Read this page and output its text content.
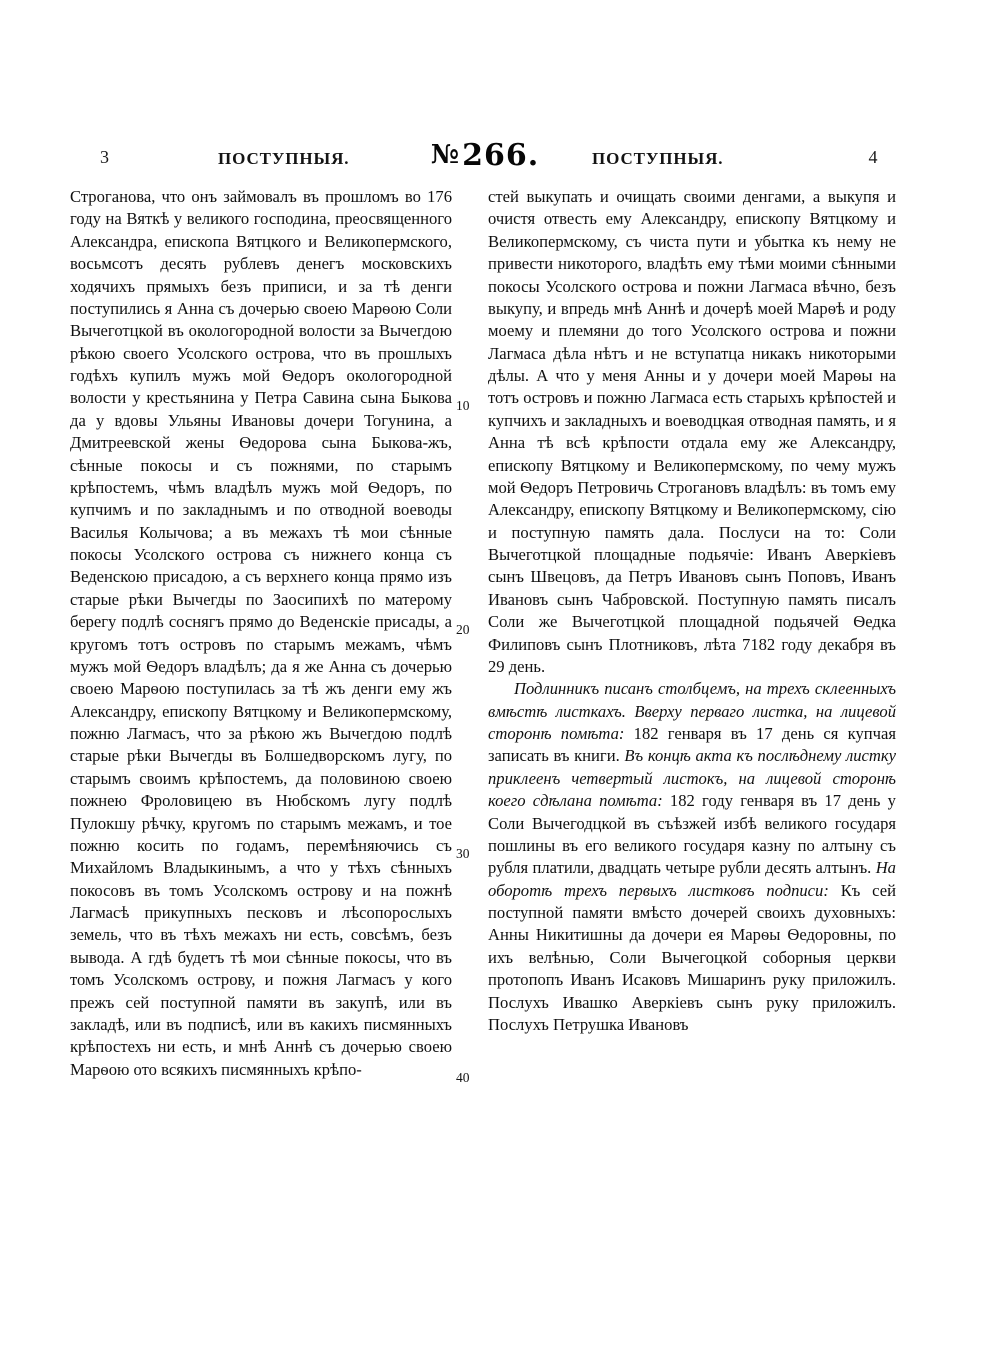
3	ПОСТУПНЫЯ.	№266.	ПОСТУПНЫЯ.	4

Строганова, что онъ займовалъ въ прошломъ во 176 году на Вяткѣ у великого господина, преосвященного Александра, епископа Вятцкого и Великопермского, восьмсотъ десять рублевъ денегъ московскихъ ходячихъ прямыхъ безъ приписи, и за тѣ денги поступились я Анна съ дочерью своею Марѳою Соли Вычеготцкой въ окологородной волости за Вычегдою рѣкою своего Усолского острова, что въ прошлыхъ годѣхъ купилъ мужъ мой Ѳедоръ окологородной волости у крестьянина у Петра Савина сына Быкова да у вдовы Ульяны Ивановы дочери Тогунина, а Дмитреевской жены Ѳедорова сына Быкова-жъ, сѣнные покосы и съ пожнями, по старымъ крѣпостемъ, чѣмъ владѣлъ мужъ мой Ѳедоръ, по купчимъ и по закладнымъ и по отводной воеводы Василья Колычова; а въ межахъ тѣ мои сѣнные покосы Усолского острова съ нижнего конца съ Веденскою присадою, а съ верхнего конца прямо изъ старые рѣки Вычегды по Заосипихѣ по матерому берегу подлѣ соснягъ прямо до Веденскіе присады, а кругомъ тотъ островъ по старымъ межамъ, чѣмъ мужъ мой Ѳедоръ владѣлъ; да я же Анна съ дочерью своею Марѳою поступилась за тѣ жъ денги ему жъ Александру, епископу Вятцкому и Великопермскому, пожню Лагмасъ, что за рѣкою жъ Вычегдою подлѣ старые рѣки Вычегды въ Болшедворскомъ лугу, по старымъ своимъ крѣпостемъ, да половиною своею пожнею Фроловицею въ Нюбскомъ лугу подлѣ Пулокшу рѣчку, кругомъ по старымъ межамъ, и тое пожню косить по годамъ, перемѣняючись съ Михайломъ Владыкинымъ, а что у тѣхъ сѣнныхъ покосовъ въ томъ Усолскомъ острову и на пожнѣ Лагмасѣ прикупныхъ песковъ и лѣсопорослыхъ земель, что въ тѣхъ межахъ ни есть, совсѣмъ, безъ вывода. А гдѣ будетъ тѣ мои сѣнные покосы, что въ томъ Усолскомъ острову, и пожня Лагмасъ у кого прежъ сей поступной памяти въ закупѣ, или въ закладѣ, или въ подписѣ, или въ какихъ писмянныхъ крѣпостехъ ни есть, и мнѣ Аннѣ съ дочерью своею Марѳою ото всякихъ писмянныхъ крѣпо-

стей выкупать и очищать своими денгами, а выкупя и очистя отвесть ему Александру, епископу Вятцкому и Великопермскому, съ чиста пути и убытка къ нему не привести никоторого, владѣть ему тѣми моими сѣнными покосы Усолского острова и пожни Лагмаса вѣчно, безъ выкупу, и впредь мнѣ Аннѣ и дочерѣ моей Марѳѣ и роду моему и племяни до того Усолского острова и пожни Лагмаса дѣла нѣтъ и не вступатца никакъ никоторыми дѣлы. А что у меня Анны и у дочери моей Марѳы на тотъ островъ и пожню Лагмаса есть старыхъ крѣпостей и купчихъ и закладныхъ и воеводцкая отводная память, и я Анна тѣ всѣ крѣпости отдала ему же Александру, епископу Вятцкому и Великопермскому, по чему мужъ мой Ѳедоръ Петровичь Строгановъ владѣлъ: въ томъ ему Александру, епископу Вятцкому и Великопермскому, сію и поступную память дала. Послуси на то: Соли Вычеготцкой площадные подьячіе: Иванъ Аверкіевъ сынъ Швецовъ, да Петръ Ивановъ сынъ Поповъ, Иванъ Ивановъ сынъ Чабровской. Поступную память писалъ Соли же Вычеготцкой площадной подьячей Ѳедка Филиповъ сынъ Плотниковъ, лѣта 7182 году декабря въ 29 день.

Подлинникъ писанъ столбцемъ, на трехъ склеенныхъ вмѣстѣ листкахъ. Вверху перваго листка, на лицевой сторонѣ помѣта: 182 генваря въ 17 день ся купчая записать въ книги. Въ концѣ акта къ послѣднему листку приклеенъ четвертый листокъ, на лицевой сторонѣ коего сдѣлана помѣта: 182 году генваря въ 17 день у Соли Вычегодцкой въ съѣзжей избѣ великого государя пошлины въ его великого государя казну по алтыну съ рубля платили, двадцать четыре рубли десять алтынъ. На оборотѣ трехъ первыхъ листковъ подписи: Къ сей поступной памяти вмѣсто дочерей своихъ духовныхъ: Анны Никитишны да дочери ея Марѳы Ѳедоровны, по ихъ велѣнью, Соли Вычегоцкой соборныя церкви протопопъ Иванъ Исаковъ Мишаринъ руку приложилъ. Послухъ Ивашко Аверкіевъ сынъ руку приложилъ. Послухъ Петрушка Ивановъ

10
20
30
40
